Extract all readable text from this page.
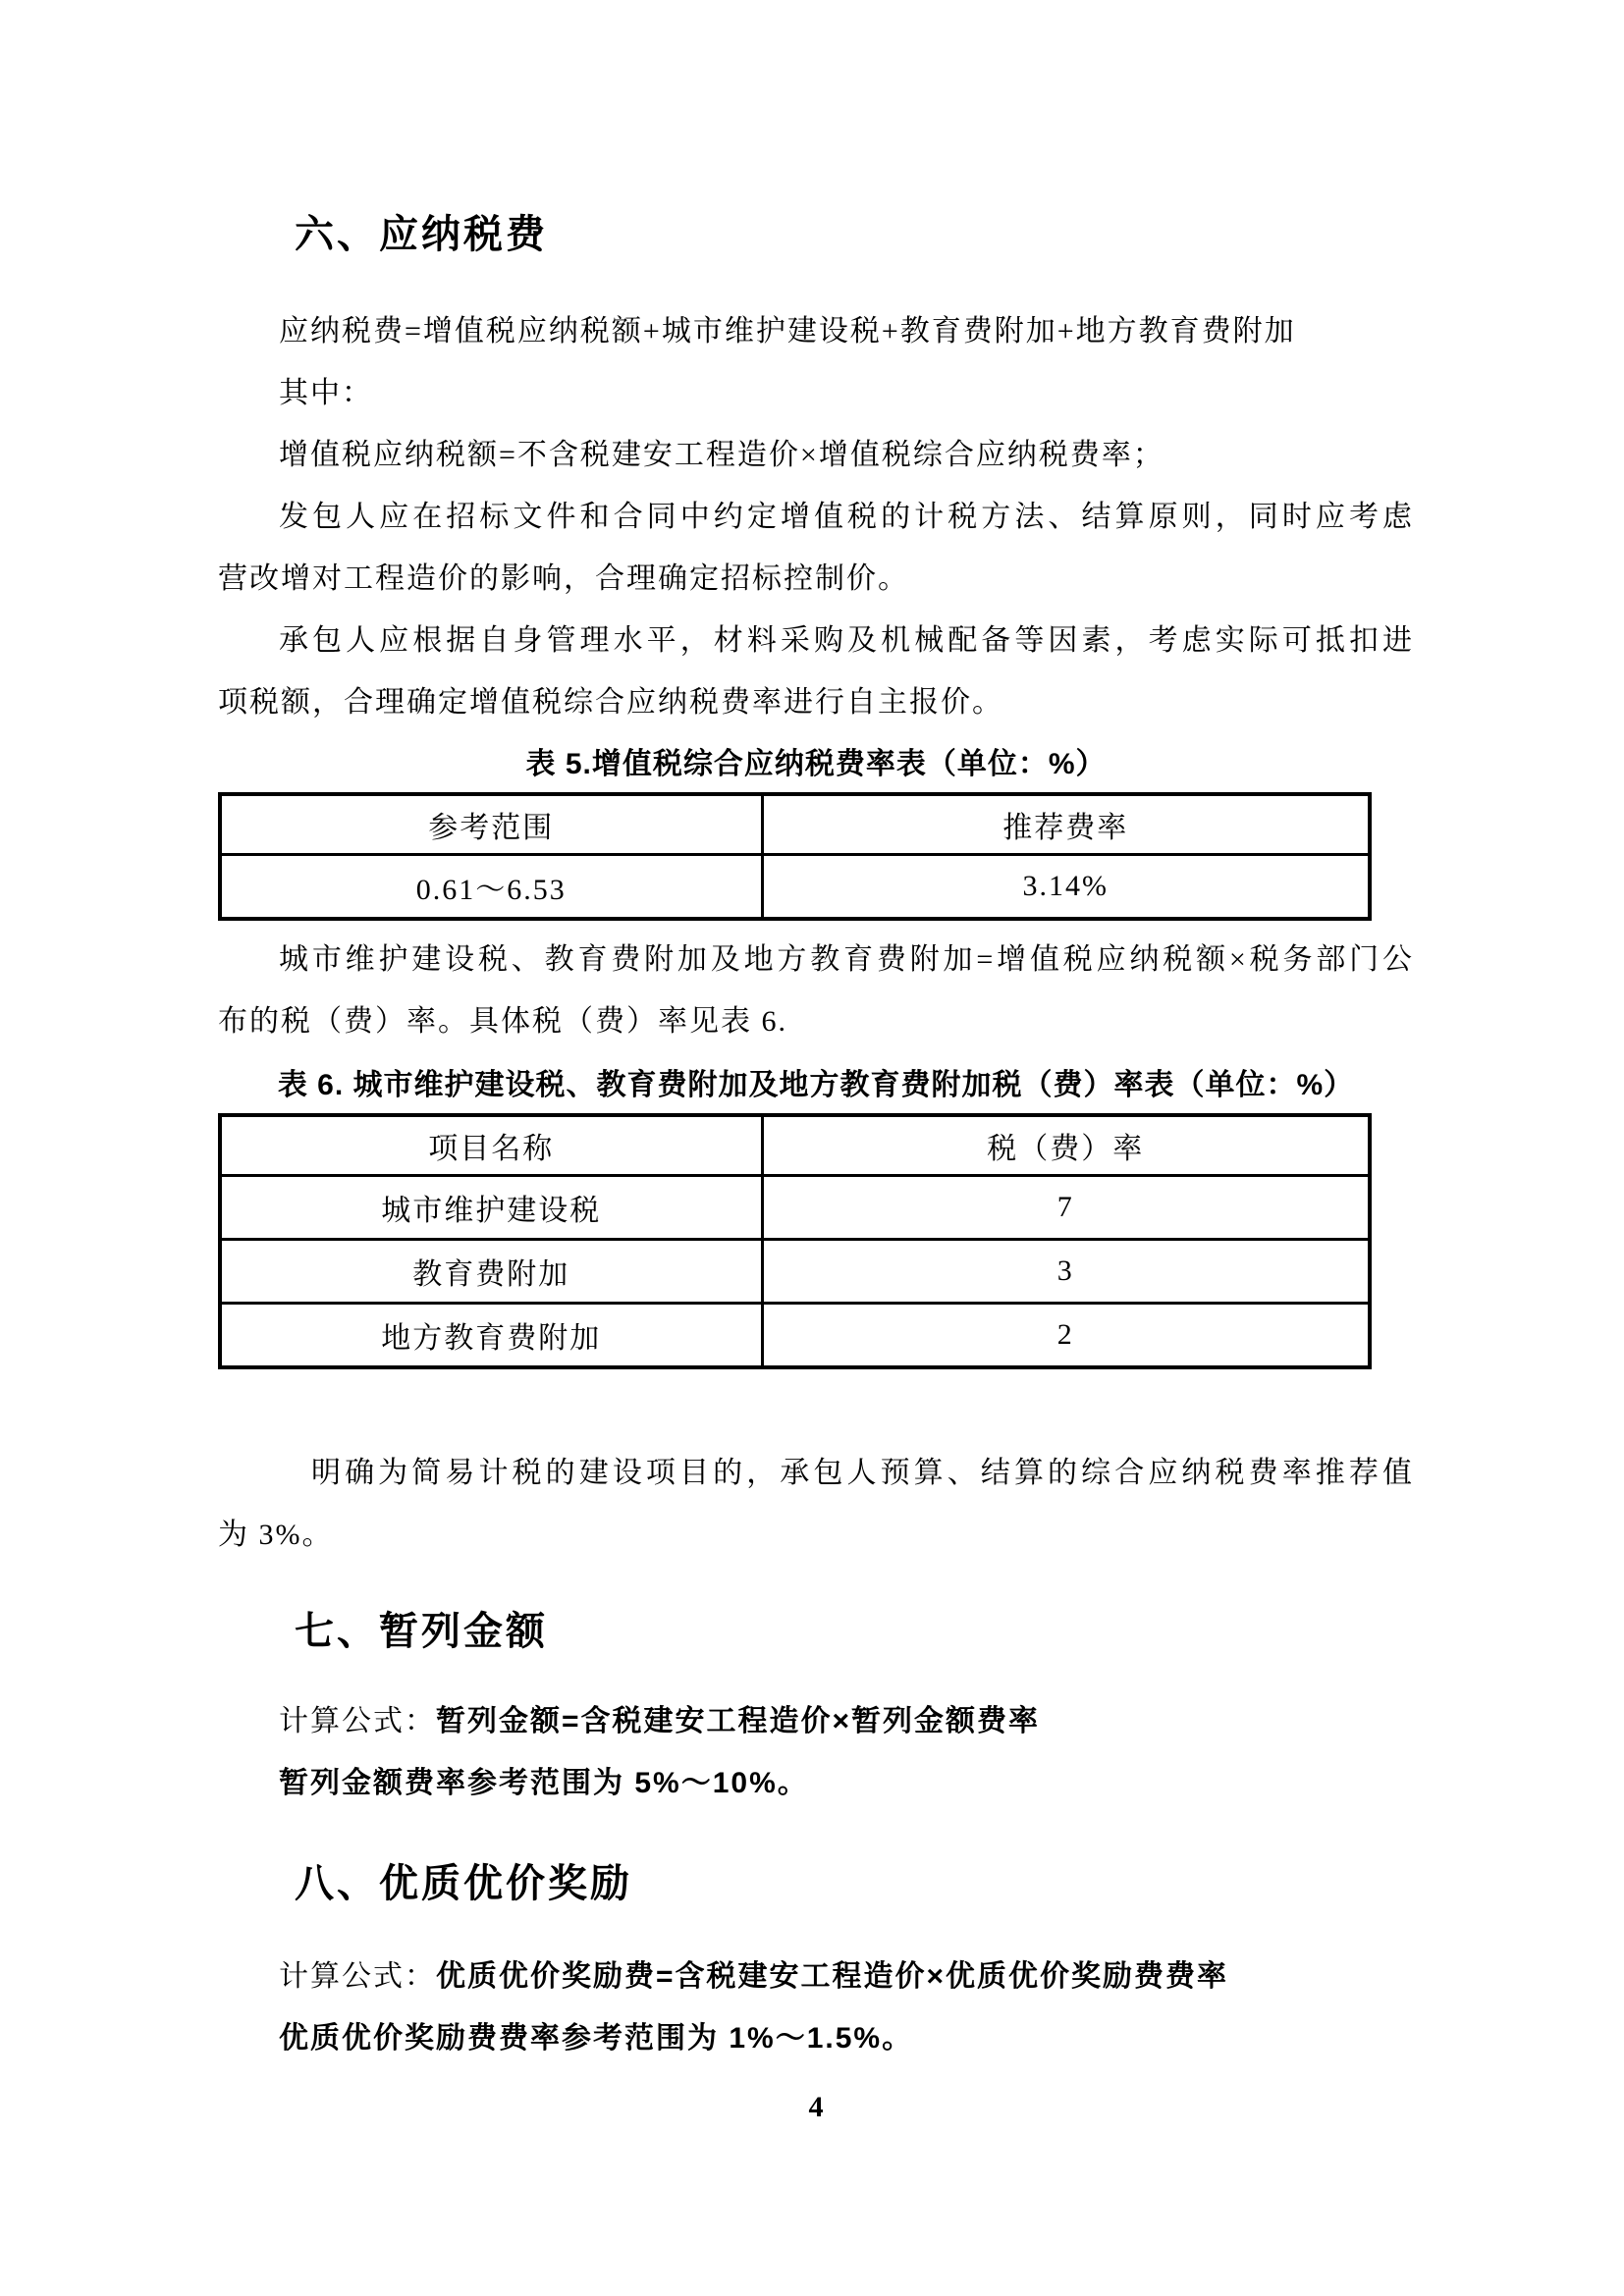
六、应纳税费

应纳税费=增值税应纳税额+城市维护建设税+教育费附加+地方教育费附加

其中：

增值税应纳税额=不含税建安工程造价×增值税综合应纳税费率；

发包人应在招标文件和合同中约定增值税的计税方法、结算原则，同时应考虑

营改增对工程造价的影响，合理确定招标控制价。

承包人应根据自身管理水平，材料采购及机械配备等因素，考虑实际可抵扣进

项税额，合理确定增值税综合应纳税费率进行自主报价。

表 5.增值税综合应纳税费率表（单位：%）
参考范围	推荐费率
0.61～6.53	3.14%

城市维护建设税、教育费附加及地方教育费附加=增值税应纳税额×税务部门公

布的税（费）率。具体税（费）率见表 6.

表 6. 城市维护建设税、教育费附加及地方教育费附加税（费）率表（单位：%）
项目名称	税（费）率
城市维护建设税	7
教育费附加	3
地方教育费附加	2

明确为简易计税的建设项目的，承包人预算、结算的综合应纳税费率推荐值

为 3%。

七、暂列金额

计算公式：暂列金额=含税建安工程造价×暂列金额费率

暂列金额费率参考范围为 5%～10%。

八、优质优价奖励

计算公式：优质优价奖励费=含税建安工程造价×优质优价奖励费费率

优质优价奖励费费率参考范围为 1%～1.5%。

4
